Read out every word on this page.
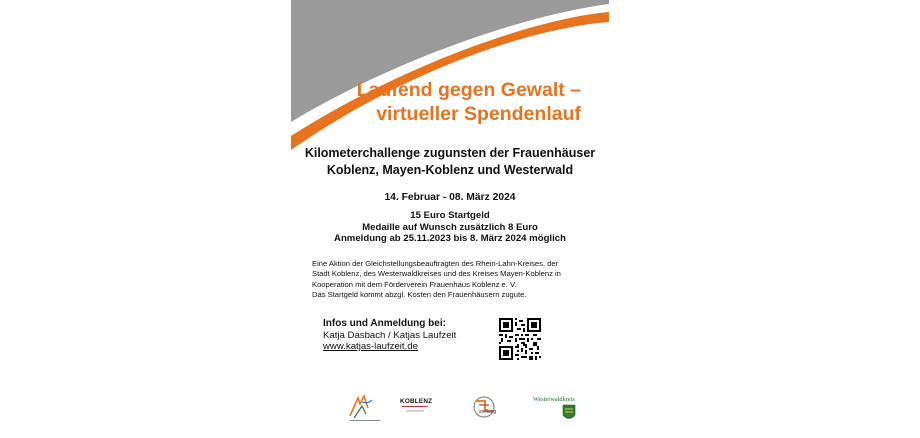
Laufend gegen Gewalt –
virtueller Spendenlauf
Kilometerchallenge zugunsten der Frauenhäuser
Koblenz, Mayen-Koblenz und Westerwald
14. Februar - 08. März 2024
15 Euro Startgeld
Medaille auf Wunsch zusätzlich 8 Euro
Anmeldung ab 25.11.2023 bis 8. März 2024 möglich
Eine Aktion der Gleichstellungsbeauftragten des Rhein-Lahn-Kreises, der
Stadt Koblenz, des Westerwaldkreises und des Kreises Mayen-Koblenz in
Kooperation mit dem Förderverein Frauenhaus Koblenz e. V.
Das Startgeld kommt abzgl. Kosten den Frauenhäusern zugute.
Infos und Anmeldung bei:
Katja Dasbach / Katjas Laufzeit
www.katjas-laufzeit.de
KOBLENZ
━━━━━━━━━━	stellung
Westerwaldkreis
